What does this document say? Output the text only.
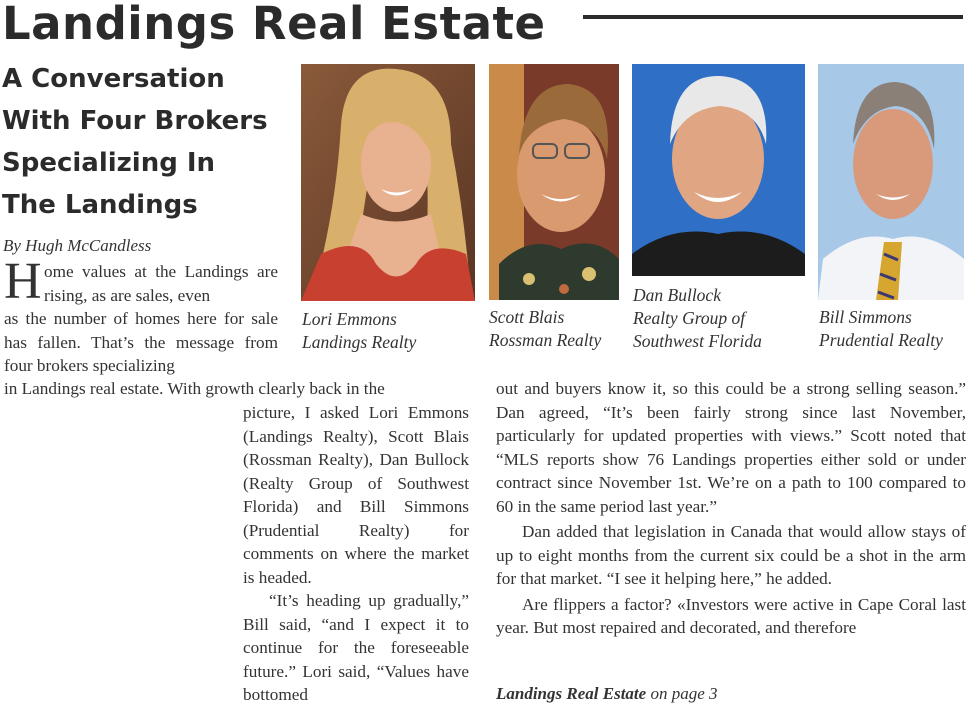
Landings Real Estate
A Conversation
With Four Brokers
Specializing In
The Landings
By Hugh McCandless
Lori Emmons
Landings Realty
Scott Blais
Rossman Realty
Dan Bullock
Realty Group of
Southwest Florida
Bill Simmons
Prudential Realty
H ome values at the Landings are rising, as are sales, even
as the number of homes here for sale has fallen. That’s the message from four brokers specializing
in Landings real estate. With growth clearly back in the

picture, I asked Lori Emmons (Landings Realty), Scott Blais (Rossman Realty), Dan Bullock (Realty Group of Southwest Florida) and Bill Simmons (Prudential Realty) for comments on where the market is headed.

“It’s heading up gradually,” Bill said, “and I expect it to continue for the foreseeable future.” Lori said, “Values have bottomed

out and buyers know it, so this could be a strong selling season.” Dan agreed, “It’s been fairly strong since last November, particularly for updated properties with views.” Scott noted that “MLS reports show 76 Landings properties either sold or under contract since November 1st. We’re on a path to 100 compared to 60 in the same period last year.”

Dan added that legislation in Canada that would allow stays of up to eight months from the current six could be a shot in the arm for that market. “I see it helping here,” he added.

Are flippers a factor? «Investors were active in Cape Coral last year. But most repaired and decorated, and therefore

Landings Real Estate on page 3
